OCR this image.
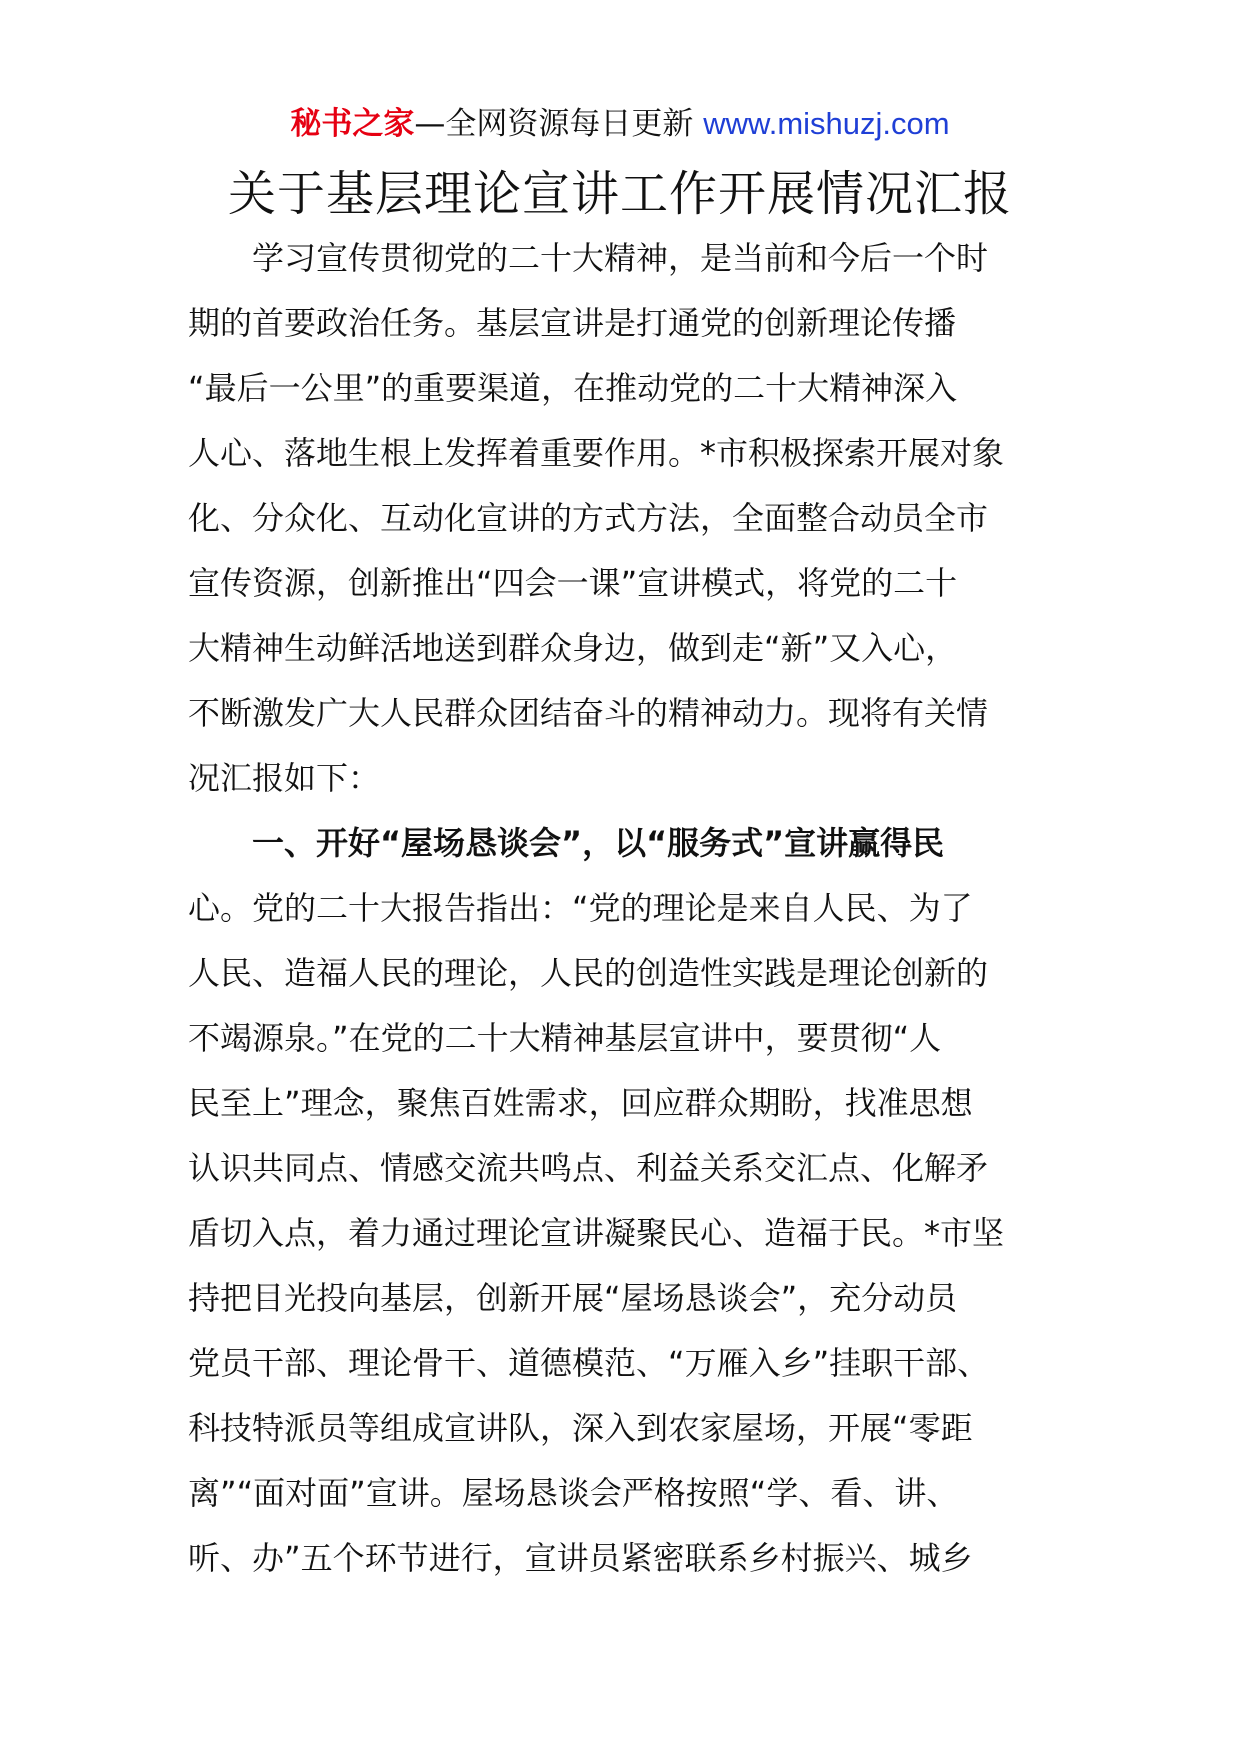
秘书之家—全网资源每日更新 www.mishuzj.com
关于基层理论宣讲工作开展情况汇报
学习宣传贯彻党的二十大精神，是当前和今后一个时
期的首要政治任务。基层宣讲是打通党的创新理论传播
“最后一公里”的重要渠道，在推动党的二十大精神深入
人心、落地生根上发挥着重要作用。*市积极探索开展对象
化、分众化、互动化宣讲的方式方法，全面整合动员全市
宣传资源，创新推出“四会一课”宣讲模式，将党的二十
大精神生动鲜活地送到群众身边，做到走“新”又入心，
不断激发广大人民群众团结奋斗的精神动力。现将有关情
况汇报如下：
一、开好“屋场恳谈会”，以“服务式”宣讲赢得民
心。党的二十大报告指出：“党的理论是来自人民、为了
人民、造福人民的理论，人民的创造性实践是理论创新的
不竭源泉。”在党的二十大精神基层宣讲中，要贯彻“人
民至上”理念，聚焦百姓需求，回应群众期盼，找准思想
认识共同点、情感交流共鸣点、利益关系交汇点、化解矛
盾切入点，着力通过理论宣讲凝聚民心、造福于民。*市坚
持把目光投向基层，创新开展“屋场恳谈会”，充分动员
党员干部、理论骨干、道德模范、“万雁入乡”挂职干部、
科技特派员等组成宣讲队，深入到农家屋场，开展“零距
离”“面对面”宣讲。屋场恳谈会严格按照“学、看、讲、
听、办”五个环节进行，宣讲员紧密联系乡村振兴、城乡
